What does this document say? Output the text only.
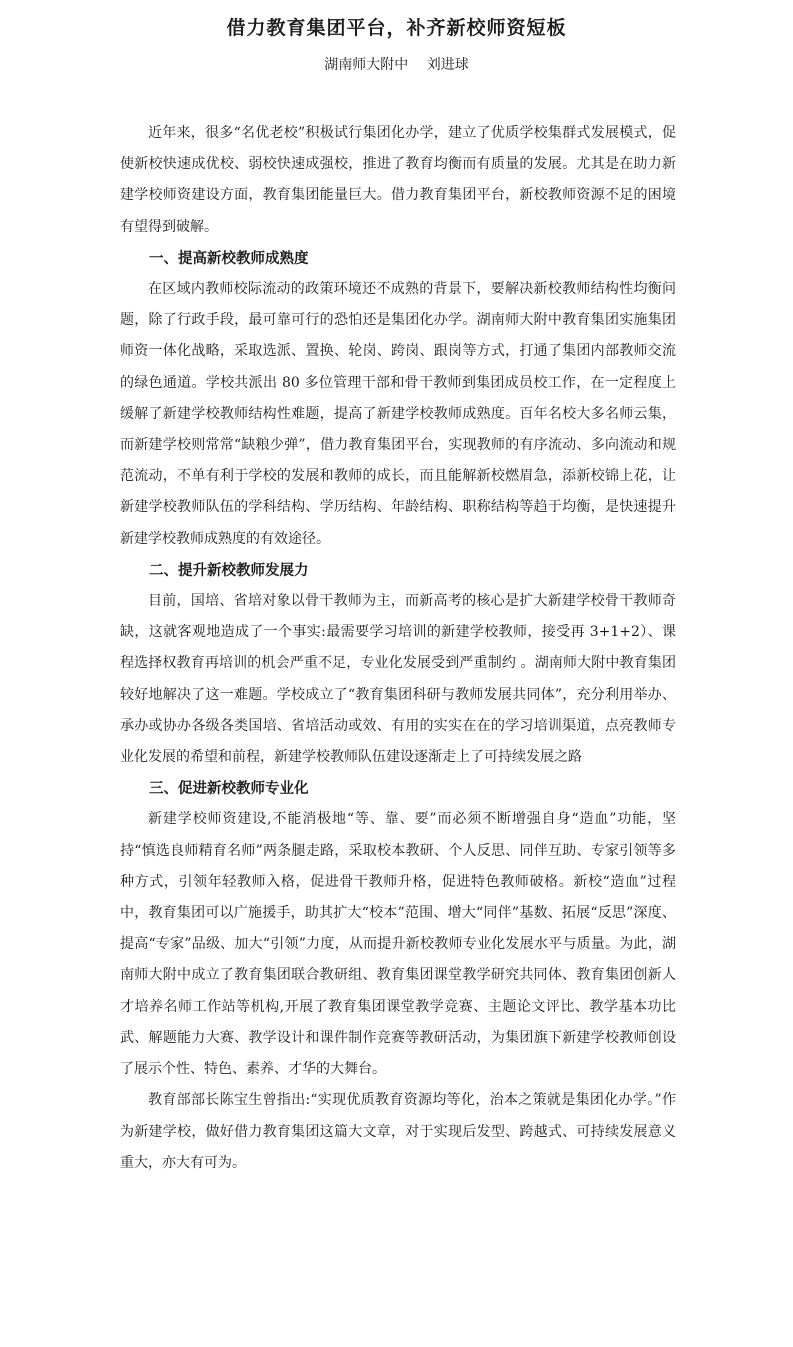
借力教育集团平台，补齐新校师资短板
湖南师大附中 刘进球

近年来，很多“名优老校”积极试行集团化办学，建立了优质学校集群式发展模式，促使新校快速成优校、弱校快速成强校，推进了教育均衡而有质量的发展。尤其是在助力新建学校师资建设方面，教育集团能量巨大。借力教育集团平台，新校教师资源不足的困境有望得到破解。

一、提高新校教师成熟度

在区域内教师校际流动的政策环境还不成熟的背景下，要解决新校教师结构性均衡问题，除了行政手段，最可靠可行的恐怕还是集团化办学。湖南师大附中教育集团实施集团师资一体化战略，采取选派、置换、轮岗、跨岗、跟岗等方式，打通了集团内部教师交流的绿色通道。学校共派出 80 多位管理干部和骨干教师到集团成员校工作，在一定程度上缓解了新建学校教师结构性难题，提高了新建学校教师成熟度。百年名校大多名师云集，而新建学校则常常“缺粮少弹”，借力教育集团平台，实现教师的有序流动、多向流动和规范流动，不单有利于学校的发展和教师的成长，而且能解新校燃眉急，添新校锦上花，让新建学校教师队伍的学科结构、学历结构、年龄结构、职称结构等趋于均衡，是快速提升新建学校教师成熟度的有效途径。

二、提升新校教师发展力

目前，国培、省培对象以骨干教师为主，而新高考的核心是扩大新建学校骨干教师奇缺，这就客观地造成了一个事实:最需要学习培训的新建学校教师，接受再 3+1+2）、课程选择权教育再培训的机会严重不足，专业化发展受到严重制约 。湖南师大附中教育集团较好地解决了这一难题。学校成立了“教育集团科研与教师发展共同体”，充分利用举办、承办或协办各级各类国培、省培活动或效、有用的实实在在的学习培训渠道，点亮教师专业化发展的希望和前程，新建学校教师队伍建设逐渐走上了可持续发展之路

三、促进新校教师专业化

新建学校师资建设,不能消极地“等、靠、要”而必须不断增强自身“造血”功能，坚持“慎选良师精育名师”两条腿走路，采取校本教研、个人反思、同伴互助、专家引领等多种方式，引领年轻教师入格，促进骨干教师升格，促进特色教师破格。新校“造血”过程中，教育集团可以广施援手，助其扩大“校本”范围、增大“同伴”基数、拓展“反思”深度、提高“专家”品级、加大“引领”力度，从而提升新校教师专业化发展水平与质量。为此，湖南师大附中成立了教育集团联合教研组、教育集团课堂教学研究共同体、教育集团创新人才培养名师工作站等机构,开展了教育集团课堂教学竞赛、主题论文评比、教学基本功比武、解题能力大赛、教学设计和课件制作竞赛等教研活动，为集团旗下新建学校教师创设了展示个性、特色、素养、才华的大舞台。

教育部部长陈宝生曾指出:“实现优质教育资源均等化，治本之策就是集团化办学。”作为新建学校，做好借力教育集团这篇大文章，对于实现后发型、跨越式、可持续发展意义重大，亦大有可为。
